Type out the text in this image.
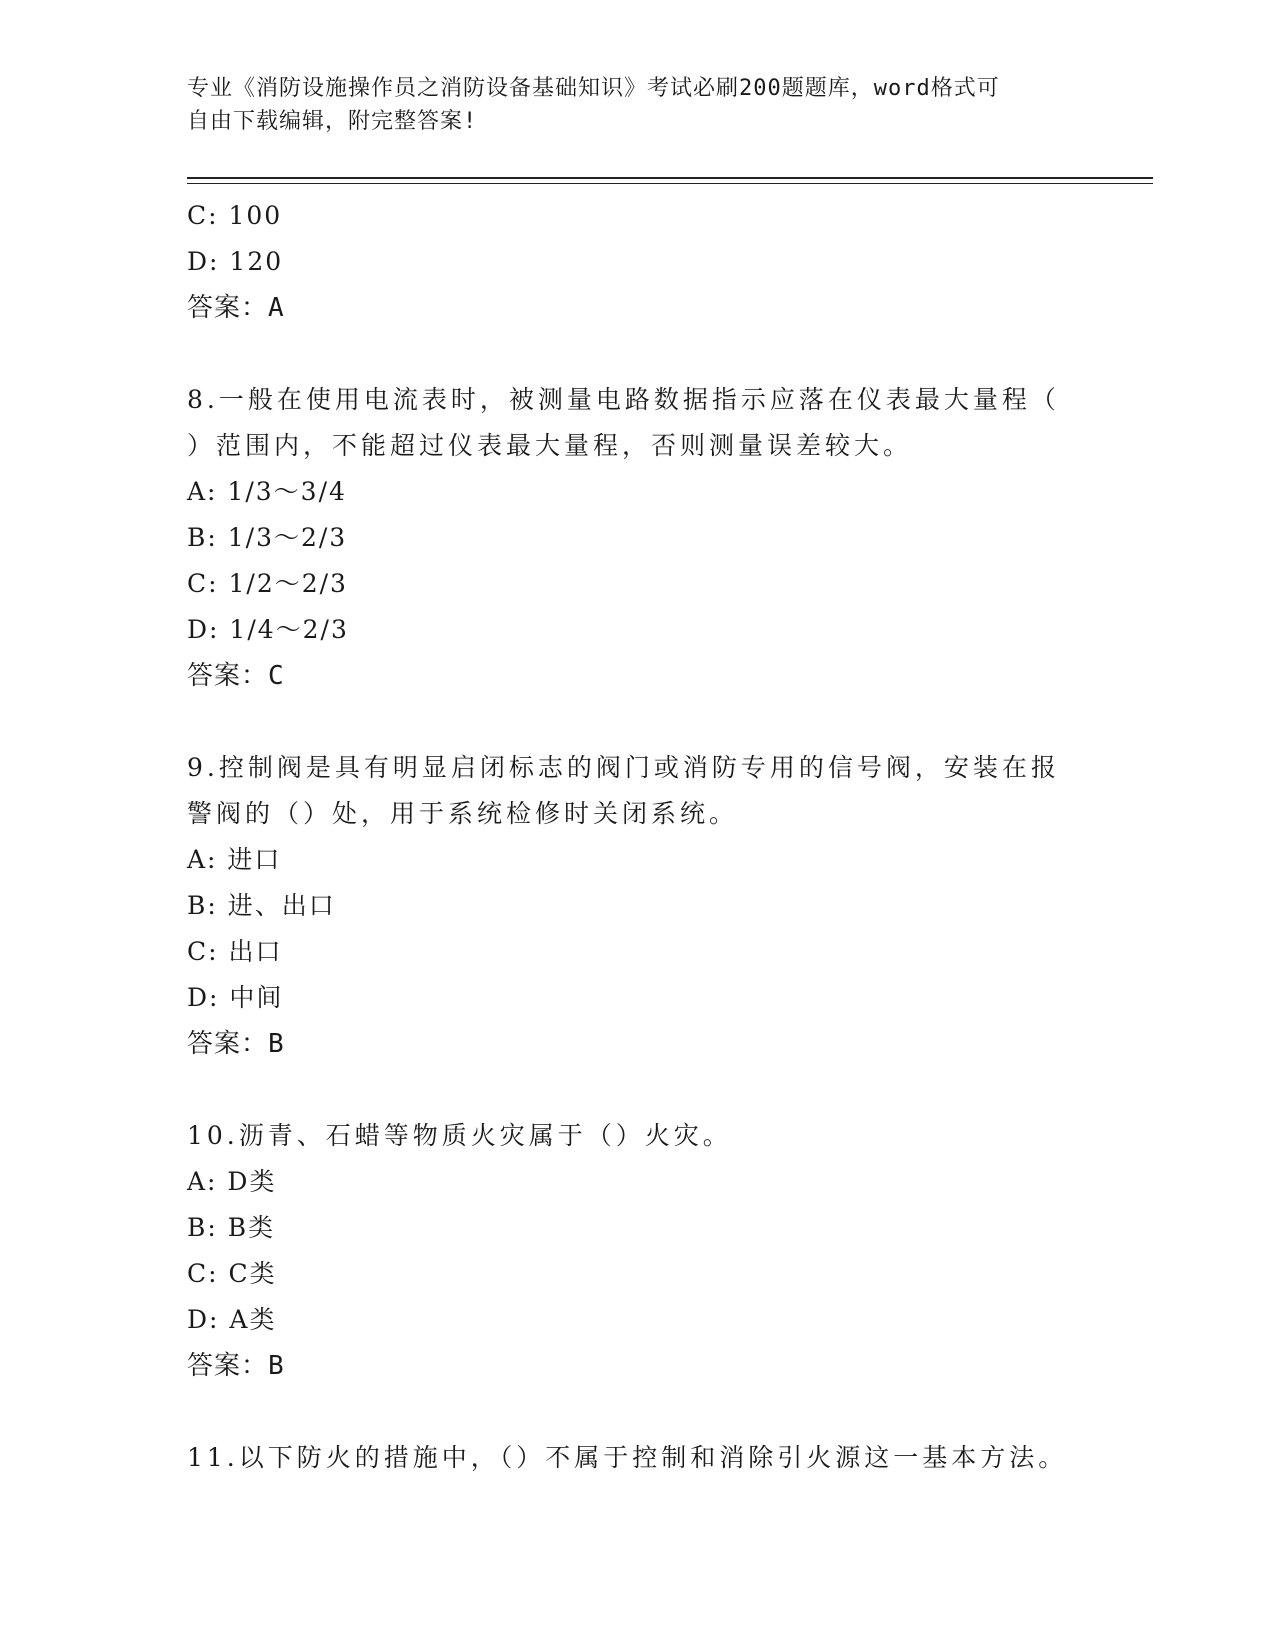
专业《消防设施操作员之消防设备基础知识》考试必刷200题题库，word格式可
自由下载编辑，附完整答案!
C: 100
D: 120
答案：A
8.一般在使用电流表时，被测量电路数据指示应落在仪表最大量程（
）范围内，不能超过仪表最大量程，否则测量误差较大。
A: 1/3～3/4
B: 1/3～2/3
C: 1/2～2/3
D: 1/4～2/3
答案：C
9.控制阀是具有明显启闭标志的阀门或消防专用的信号阀，安装在报
警阀的（）处，用于系统检修时关闭系统。
A: 进口
B: 进、出口
C: 出口
D: 中间
答案：B
10.沥青、石蜡等物质火灾属于（）火灾。
A: D类
B: B类
C: C类
D: A类
答案：B
11.以下防火的措施中，（）不属于控制和消除引火源这一基本方法。
